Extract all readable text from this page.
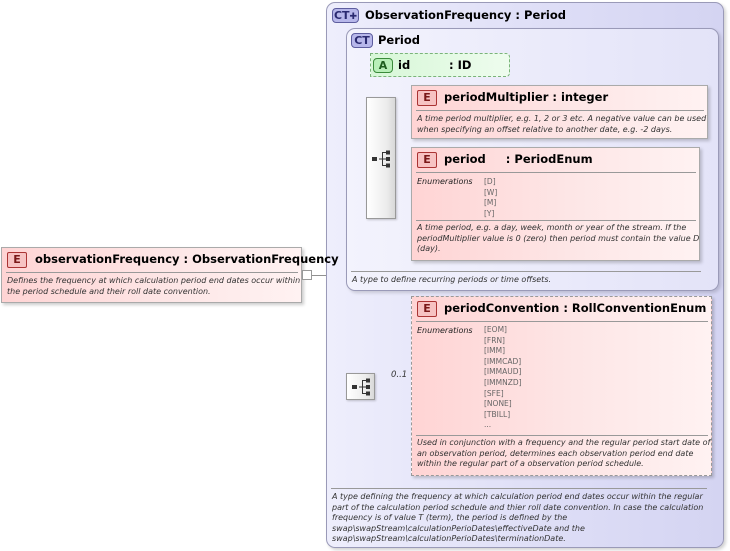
CT✚ ObservationFrequency : Period
A type defining the frequency at which calculation period end dates occur within the regular part of the calculation period schedule and thier roll date convention. In case the calculation frequency is of value T (term), the period is defined by the swap\swapStream\calculationPerioDates\effectiveDate and the swap\swapStream\calculationPerioDates\terminationDate.
CT Period
A type to define recurring periods or time offsets.
A id	: ID
E	periodMultiplier : integer
A time period multiplier, e.g. 1, 2 or 3 etc. A negative value can be used when specifying an offset relative to another date, e.g. -2 days.
E	period     : PeriodEnum
Enumerations [D]
[W]
[M]
[Y]
A time period, e.g. a day, week, month or year of the stream. If the periodMultiplier value is 0 (zero) then period must contain the value D (day).
E	observationFrequency : ObservationFrequency
Defines the frequency at which calculation period end dates occur within the period schedule and their roll date convention.
0..1
E	periodConvention : RollConventionEnum
Enumerations [EOM]
[FRN]
[IMM]
[IMMCAD]
[IMMAUD]
[IMMNZD]
[SFE]
[NONE]
[TBILL]
...
Used in conjunction with a frequency and the regular period start date of an observation period, determines each observation period end date within the regular part of a observation period schedule.
